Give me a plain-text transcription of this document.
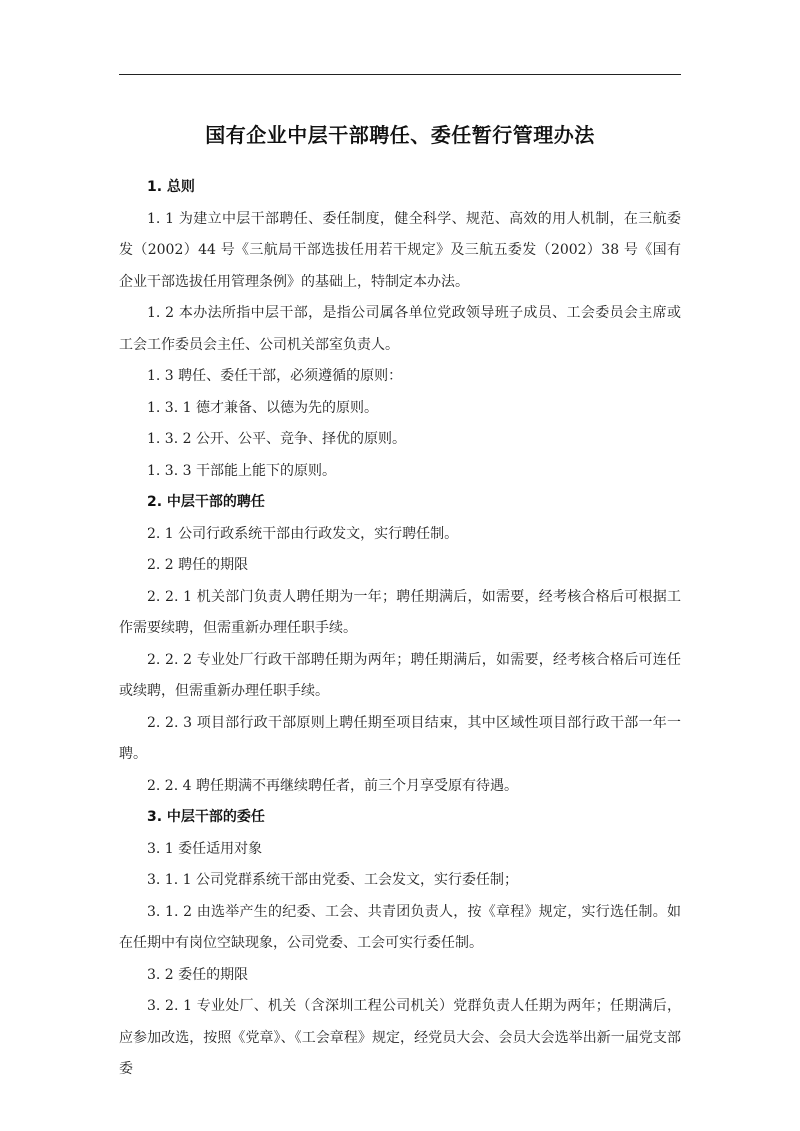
国有企业中层干部聘任、委任暂行管理办法

1. 总则

1. 1 为建立中层干部聘任、委任制度，健全科学、规范、高效的用人机制，在三航委发（2002）44 号《三航局干部选拔任用若干规定》及三航五委发（2002）38 号《国有企业干部选拔任用管理条例》的基础上，特制定本办法。

1. 2 本办法所指中层干部，是指公司属各单位党政领导班子成员、工会委员会主席或工会工作委员会主任、公司机关部室负责人。

1. 3 聘任、委任干部，必须遵循的原则：

1. 3. 1 德才兼备、以德为先的原则。

1. 3. 2 公开、公平、竞争、择优的原则。

1. 3. 3 干部能上能下的原则。

2. 中层干部的聘任

2. 1 公司行政系统干部由行政发文，实行聘任制。

2. 2 聘任的期限

2. 2. 1 机关部门负责人聘任期为一年；聘任期满后，如需要，经考核合格后可根据工作需要续聘，但需重新办理任职手续。

2. 2. 2 专业处厂行政干部聘任期为两年；聘任期满后，如需要，经考核合格后可连任或续聘，但需重新办理任职手续。

2. 2. 3 项目部行政干部原则上聘任期至项目结束，其中区域性项目部行政干部一年一聘。

2. 2. 4 聘任期满不再继续聘任者，前三个月享受原有待遇。

3. 中层干部的委任

3. 1 委任适用对象

3. 1. 1 公司党群系统干部由党委、工会发文，实行委任制；

3. 1. 2 由选举产生的纪委、工会、共青团负责人，按《章程》规定，实行选任制。如在任期中有岗位空缺现象，公司党委、工会可实行委任制。

3. 2 委任的期限

3. 2. 1 专业处厂、机关（含深圳工程公司机关）党群负责人任期为两年；任期满后，应参加改选，按照《党章》、《工会章程》规定，经党员大会、会员大会选举出新一届党支部委
